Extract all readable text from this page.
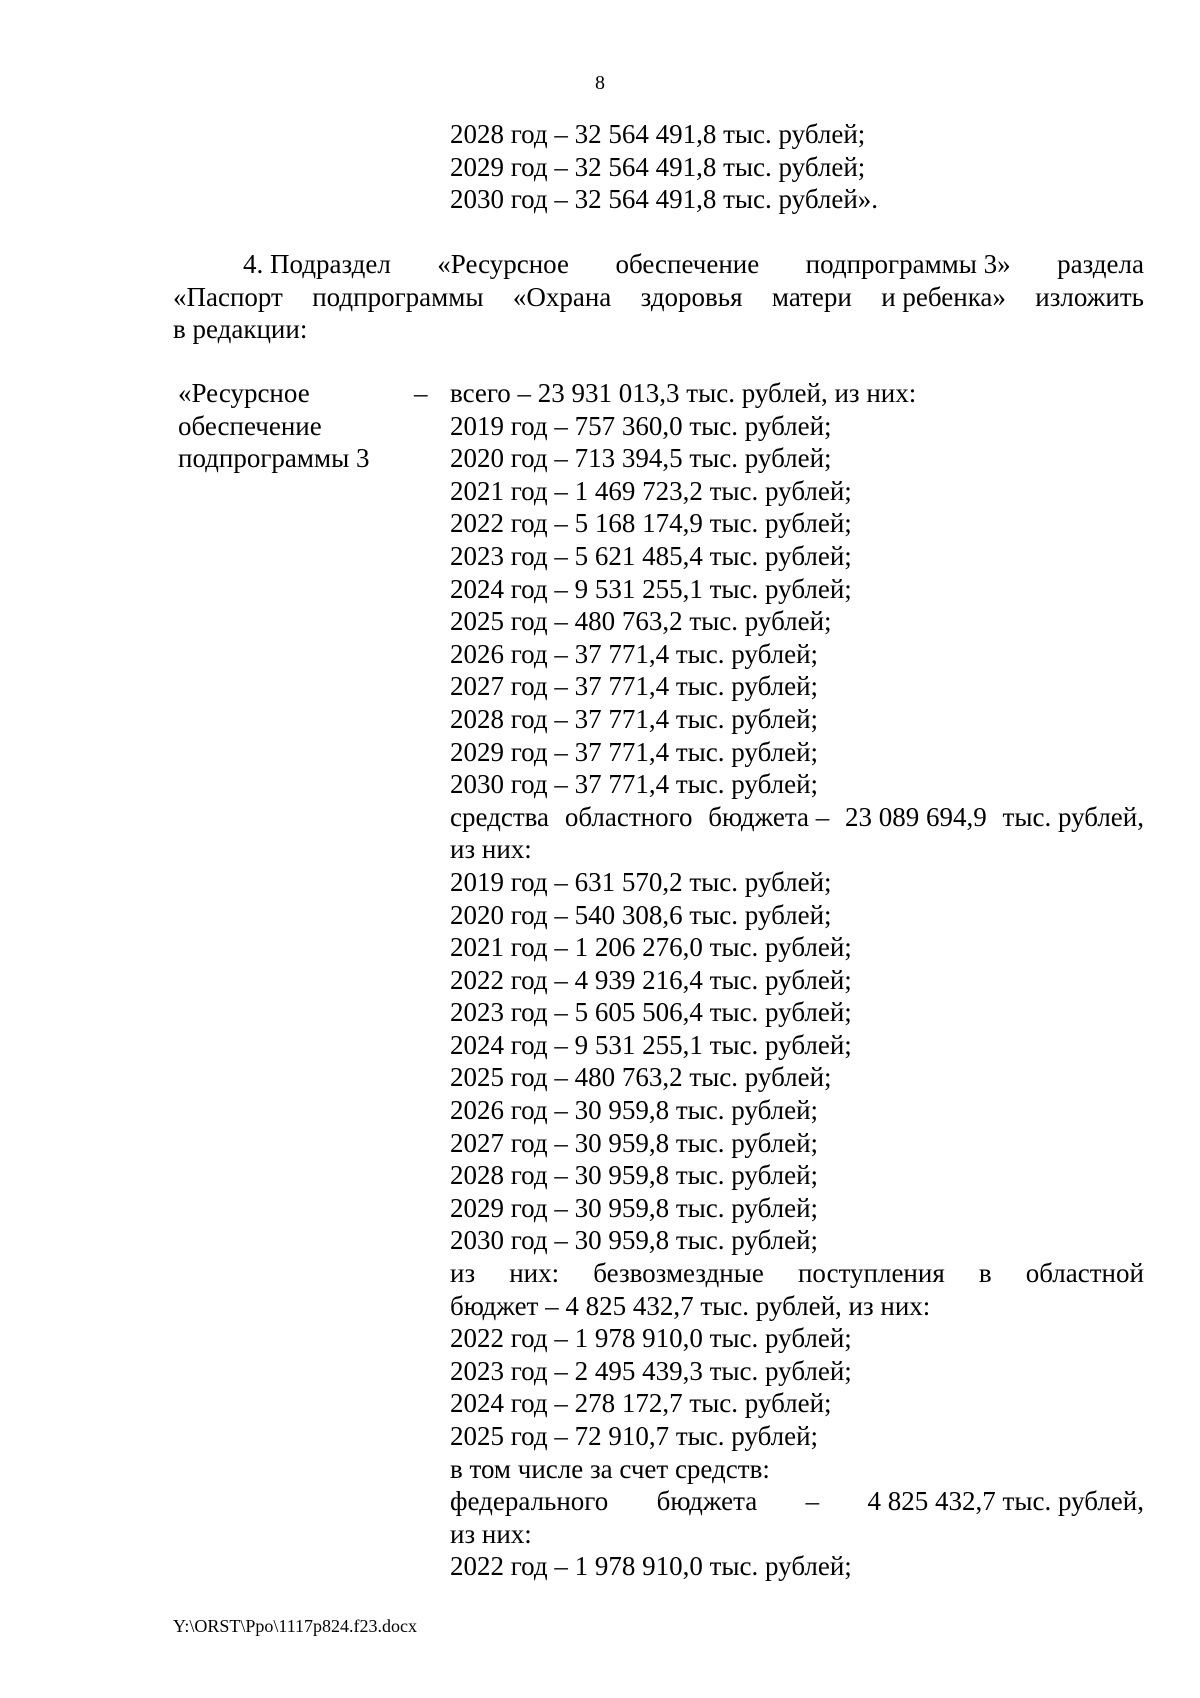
8
2028 год – 32 564 491,8 тыс. рублей;
2029 год – 32 564 491,8 тыс. рублей;
2030 год – 32 564 491,8 тыс. рублей».
4. Подраздел «Ресурсное обеспечение подпрограммы 3» раздела
«Паспорт подпрограммы «Охрана здоровья матери и ребенка» изложить
в редакции:
«Ресурсное
обеспечение
подпрограммы 3
– всего – 23 931 013,3 тыс. рублей, из них:
2019 год – 757 360,0 тыс. рублей;
2020 год – 713 394,5 тыс. рублей;
2021 год – 1 469 723,2 тыс. рублей;
2022 год – 5 168 174,9 тыс. рублей;
2023 год – 5 621 485,4 тыс. рублей;
2024 год – 9 531 255,1 тыс. рублей;
2025 год – 480 763,2 тыс. рублей;
2026 год – 37 771,4 тыс. рублей;
2027 год – 37 771,4 тыс. рублей;
2028 год – 37 771,4 тыс. рублей;
2029 год – 37 771,4 тыс. рублей;
2030 год – 37 771,4 тыс. рублей;
средства областного бюджета – 23 089 694,9 тыс. рублей,
из них:
2019 год – 631 570,2 тыс. рублей;
2020 год – 540 308,6 тыс. рублей;
2021 год – 1 206 276,0 тыс. рублей;
2022 год – 4 939 216,4 тыс. рублей;
2023 год – 5 605 506,4 тыс. рублей;
2024 год – 9 531 255,1 тыс. рублей;
2025 год – 480 763,2 тыс. рублей;
2026 год – 30 959,8 тыс. рублей;
2027 год – 30 959,8 тыс. рублей;
2028 год – 30 959,8 тыс. рублей;
2029 год – 30 959,8 тыс. рублей;
2030 год – 30 959,8 тыс. рублей;
из них: безвозмездные поступления в областной
бюджет – 4 825 432,7 тыс. рублей, из них:
2022 год – 1 978 910,0 тыс. рублей;
2023 год – 2 495 439,3 тыс. рублей;
2024 год – 278 172,7 тыс. рублей;
2025 год – 72 910,7 тыс. рублей;
в том числе за счет средств:
федерального бюджета – 4 825 432,7 тыс. рублей,
из них:
2022 год – 1 978 910,0 тыс. рублей;
Y:\ORST\Ppo\1117p824.f23.docx
